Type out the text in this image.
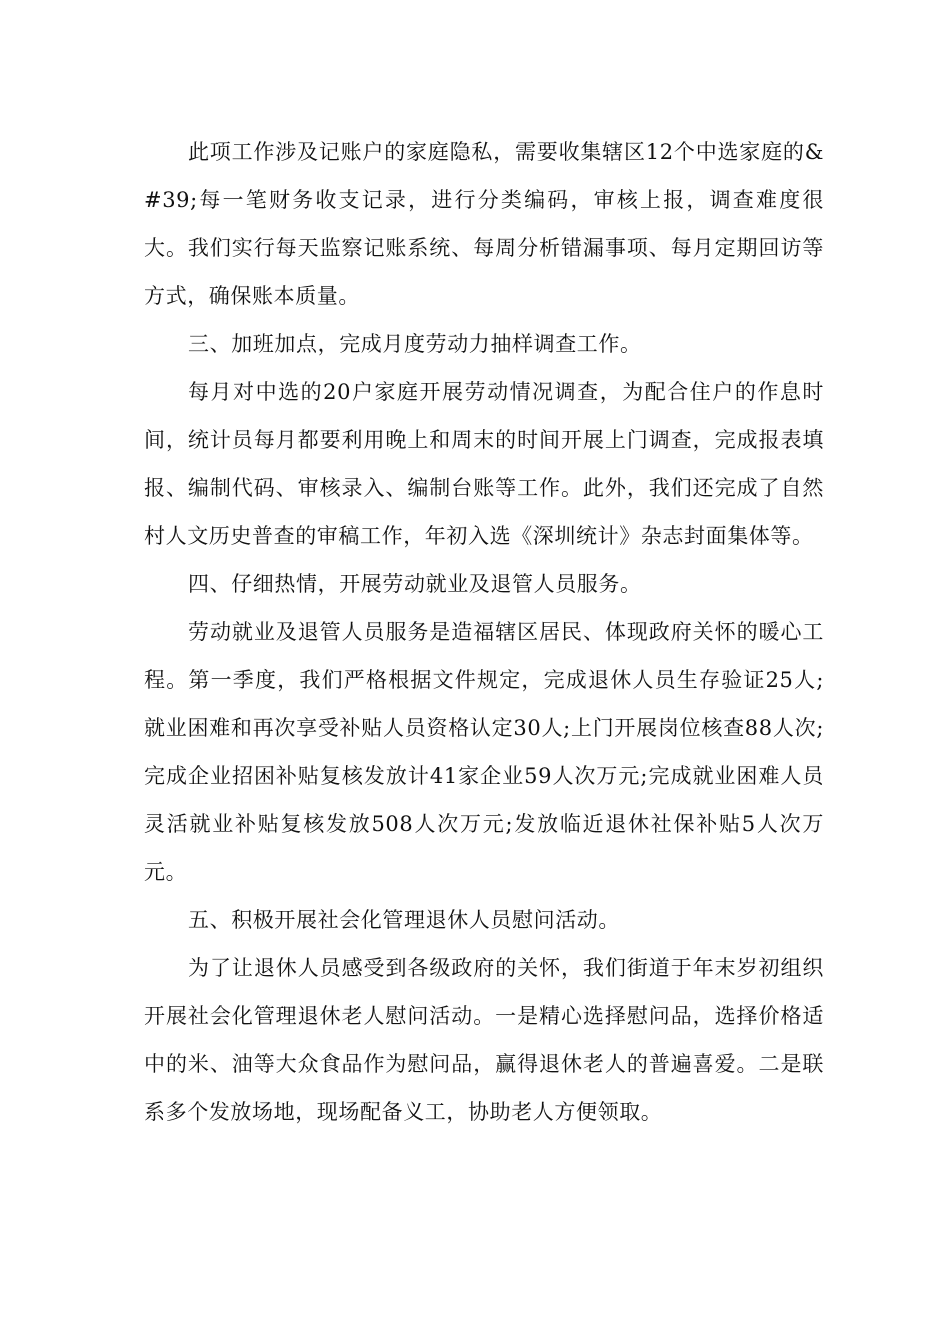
此项工作涉及记账户的家庭隐私，需要收集辖区12个中选家庭的&#39;每一笔财务收支记录，进行分类编码，审核上报，调查难度很大。我们实行每天监察记账系统、每周分析错漏事项、每月定期回访等方式，确保账本质量。

三、加班加点，完成月度劳动力抽样调查工作。

每月对中选的20户家庭开展劳动情况调查，为配合住户的作息时间，统计员每月都要利用晚上和周末的时间开展上门调查，完成报表填报、编制代码、审核录入、编制台账等工作。此外，我们还完成了自然村人文历史普查的审稿工作，年初入选《深圳统计》杂志封面集体等。

四、仔细热情，开展劳动就业及退管人员服务。

劳动就业及退管人员服务是造福辖区居民、体现政府关怀的暖心工程。第一季度，我们严格根据文件规定，完成退休人员生存验证25人;就业困难和再次享受补贴人员资格认定30人;上门开展岗位核查88人次;完成企业招困补贴复核发放计41家企业59人次万元;完成就业困难人员灵活就业补贴复核发放508人次万元;发放临近退休社保补贴5人次万元。

五、积极开展社会化管理退休人员慰问活动。

为了让退休人员感受到各级政府的关怀，我们街道于年末岁初组织开展社会化管理退休老人慰问活动。一是精心选择慰问品，选择价格适中的米、油等大众食品作为慰问品，赢得退休老人的普遍喜爱。二是联系多个发放场地，现场配备义工，协助老人方便领取。
